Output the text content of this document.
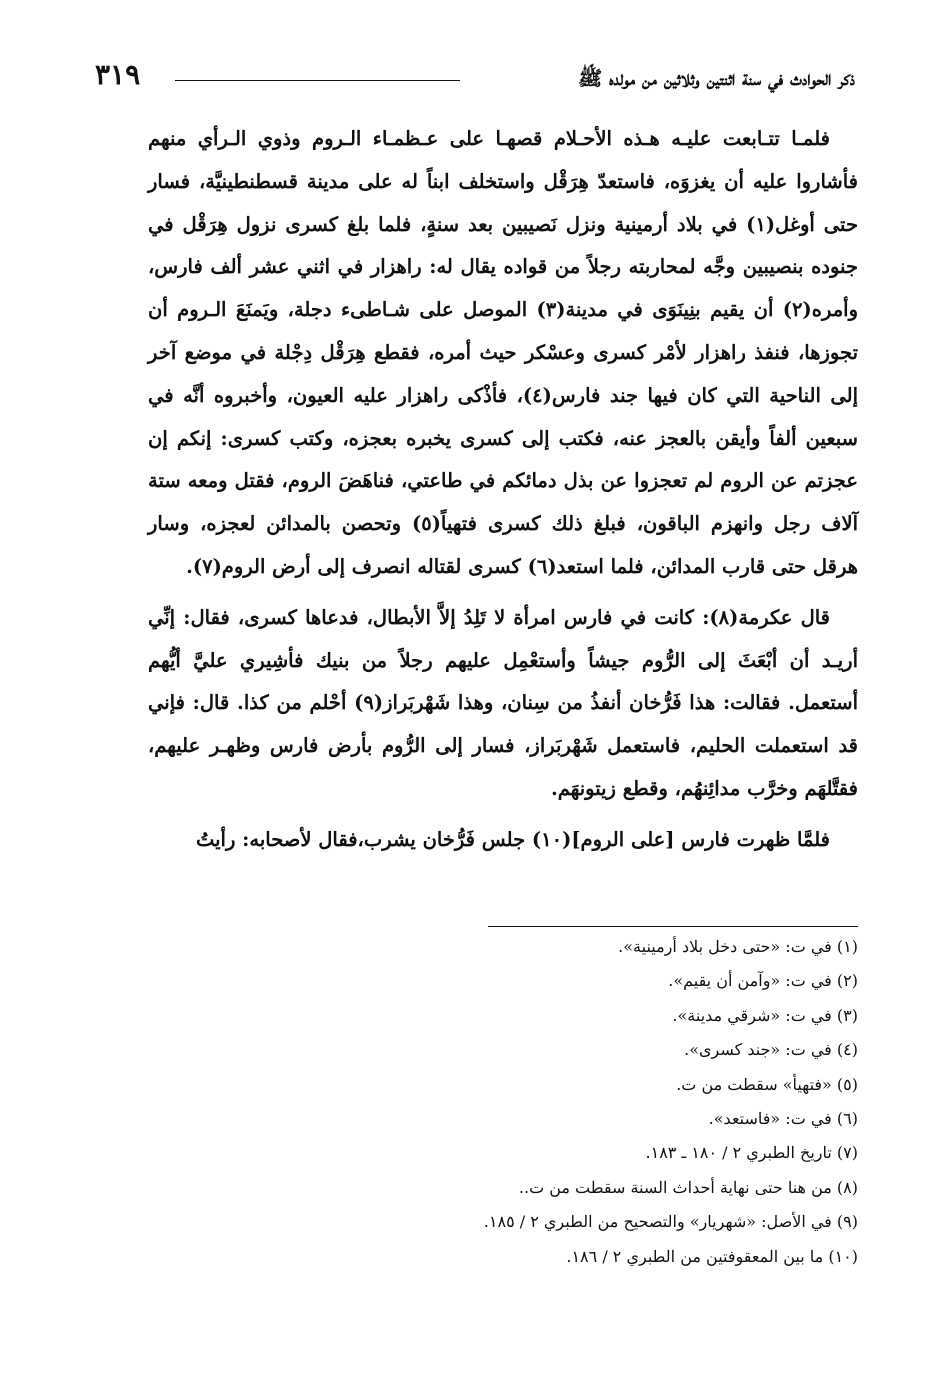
ذكر الحوادث في سنة اثنتين وثلاثين من مولده ﷺ
٣١٩

فلمـا تتـابعت عليـه هـذه الأحـلام قصهـا على عـظمـاء الـروم وذوي الـرأي منهم فأشاروا عليه أن يغزوَه، فاستعدّ هِرَقْل واستخلف ابناً له على مدينة قسطنطينيَّة، فسار حتى أوغل(١) في بلاد أرمينية ونزل نَصيبين بعد سنةٍ، فلما بلغ كسرى نزول هِرَقْل في جنوده بنصيبين وجَّه لمحاربته رجلاً من قواده يقال له: راهزار في اثني عشر ألف فارس، وأمره(٢) أن يقيم بنِينَوَى في مدينة(٣) الموصل على شـاطىء دجلة، ويَمنَعَ الـروم أن تجوزها، فنفذ راهزار لأمْر كسرى وعسْكر حيث أمره، فقطع هِرَقْل دِجْلة في موضع آخر إلى الناحية التي كان فيها جند فارس(٤)، فأذْكى راهزار عليه العيون، وأخبروه أنَّه في سبعين ألفاً وأيقن بالعجز عنه، فكتب إلى كسرى يخبره بعجزه، وكتب كسرى: إنكم إن عجزتم عن الروم لم تعجزوا عن بذل دمائكم في طاعتي، فناهَضَ الروم، فقتل ومعه ستة آلاف رجل وانهزم الباقون، فبلغ ذلك كسرى فتهياً(٥) وتحصن بالمدائن لعجزه، وسار هرقل حتى قارب المدائن، فلما استعد(٦) كسرى لقتاله انصرف إلى أرض الروم(٧).

قال عكرمة(٨): كانت في فارس امرأة لا تَلِدُ إلاَّ الأبطال، فدعاها كسرى، فقال: إنِّي أريـد أن أبْعَثَ إلى الرُّوم جيشاً وأستعْمِل عليهم رجلاً من بنيك فأشِيري عليَّ أيُّهم أستعمل. فقالت: هذا فَرُّخان أنفذُ من سِنان، وهذا شَهْربَراز(٩) أحْلم من كذا. قال: فإني قد استعملت الحليم، فاستعمل شَهْربَراز، فسار إلى الرُّوم بأرض فارس وظهـر عليهم، فقتَّلهَم وخرَّب مدائِنهُم، وقطع زيتونهَم.

فلمَّا ظهرت فارس [على الروم](١٠) جلس فَرُّخان يشرب،فقال لأصحابه: رأيتُ

(١) في ت: «حتى دخل بلاد أرمينية».
(٢) في ت: «وآمن أن يقيم».
(٣) في ت: «شرقي مدينة».
(٤) في ت: «جند كسرى».
(٥) «فتهيأ» سقطت من ت.
(٦) في ت: «فاستعد».
(٧) تاريخ الطبري ٢ / ١٨٠ ـ ١٨٣.
(٨) من هنا حتى نهاية أحداث السنة سقطت من ت..
(٩) في الأصل: «شهريار» والتصحيح من الطبري ٢ / ١٨٥.
(١٠) ما بين المعقوفتين من الطبري ٢ / ١٨٦.
